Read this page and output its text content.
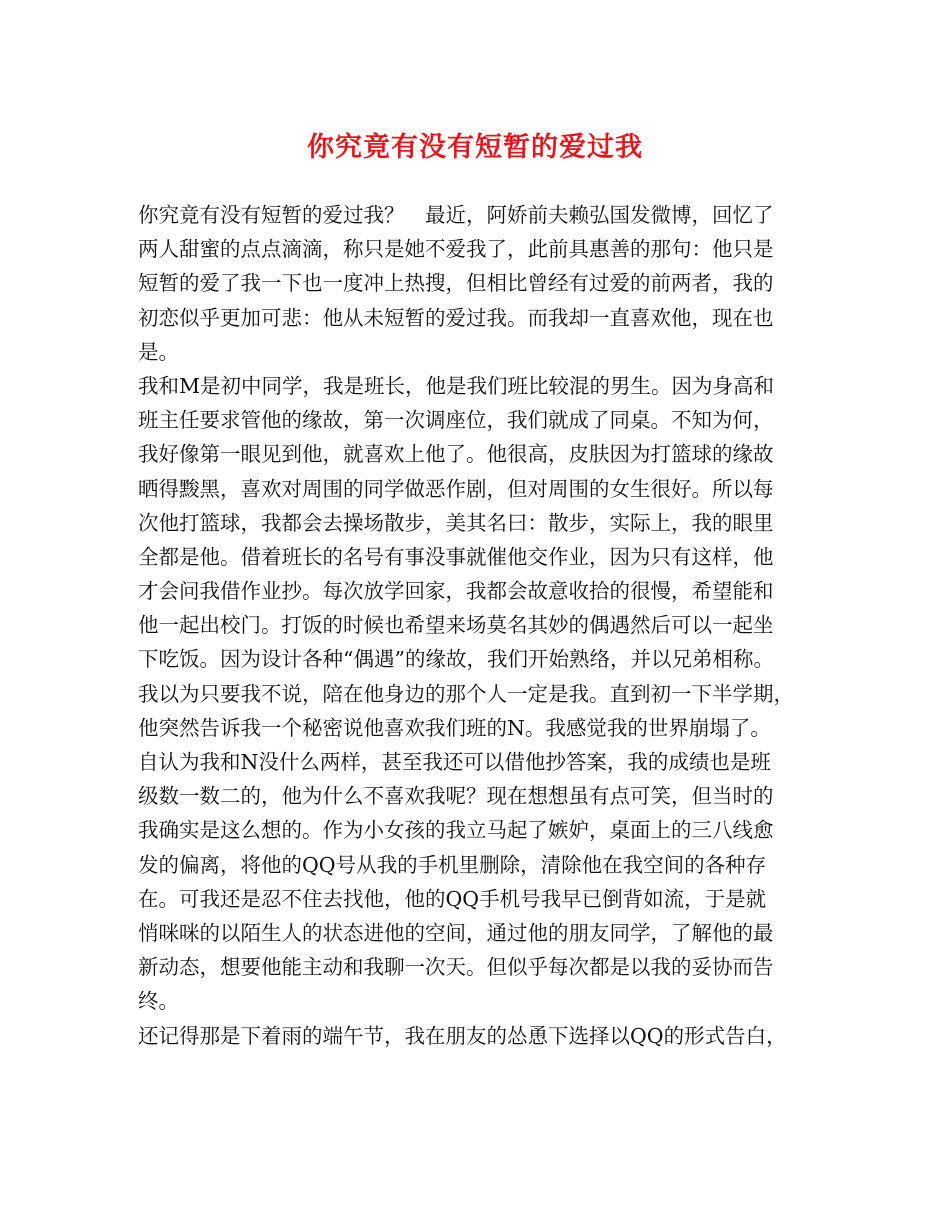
你究竟有没有短暂的爱过我
你究竟有没有短暂的爱过我？　最近，阿娇前夫赖弘国发微博，回忆了
两人甜蜜的点点滴滴，称只是她不爱我了，此前具惠善的那句：他只是
短暂的爱了我一下也一度冲上热搜，但相比曾经有过爱的前两者，我的
初恋似乎更加可悲：他从未短暂的爱过我。而我却一直喜欢他，现在也
是。
我和M是初中同学，我是班长，他是我们班比较混的男生。因为身高和
班主任要求管他的缘故，第一次调座位，我们就成了同桌。不知为何，
我好像第一眼见到他，就喜欢上他了。他很高，皮肤因为打篮球的缘故
晒得黢黑，喜欢对周围的同学做恶作剧，但对周围的女生很好。所以每
次他打篮球，我都会去操场散步，美其名曰：散步，实际上，我的眼里
全都是他。借着班长的名号有事没事就催他交作业，因为只有这样，他
才会问我借作业抄。每次放学回家，我都会故意收拾的很慢，希望能和
他一起出校门。打饭的时候也希望来场莫名其妙的偶遇然后可以一起坐
下吃饭。因为设计各种“偶遇”的缘故，我们开始熟络，并以兄弟相称。
我以为只要我不说，陪在他身边的那个人一定是我。直到初一下半学期，
他突然告诉我一个秘密说他喜欢我们班的N。我感觉我的世界崩塌了。
自认为我和N没什么两样，甚至我还可以借他抄答案，我的成绩也是班
级数一数二的，他为什么不喜欢我呢？现在想想虽有点可笑，但当时的
我确实是这么想的。作为小女孩的我立马起了嫉妒，桌面上的三八线愈
发的偏离，将他的QQ号从我的手机里删除，清除他在我空间的各种存
在。可我还是忍不住去找他，他的QQ手机号我早已倒背如流，于是就
悄咪咪的以陌生人的状态进他的空间，通过他的朋友同学，了解他的最
新动态，想要他能主动和我聊一次天。但似乎每次都是以我的妥协而告
终。
还记得那是下着雨的端午节，我在朋友的怂恿下选择以QQ的形式告白，
